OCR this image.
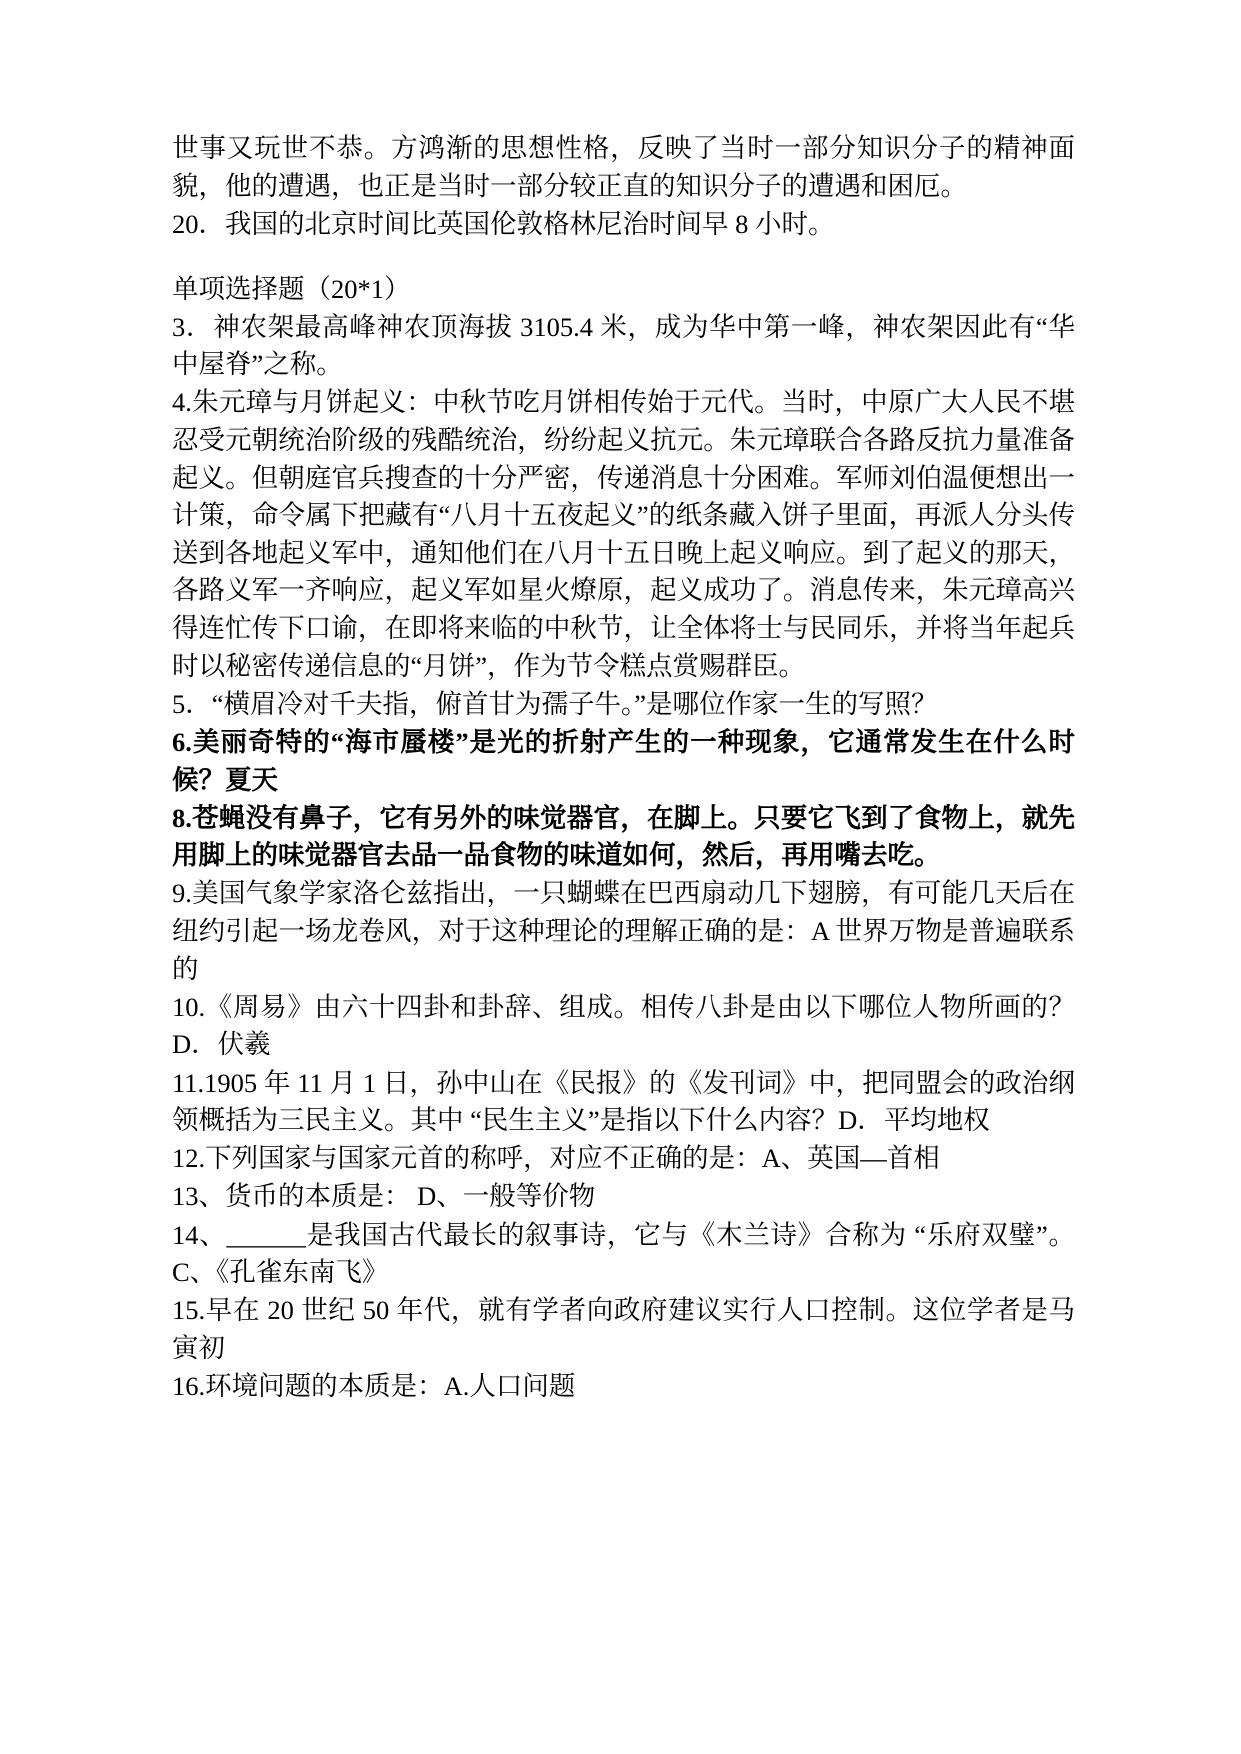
世事又玩世不恭。方鸿渐的思想性格，反映了当时一部分知识分子的精神面貌，他的遭遇，也正是当时一部分较正直的知识分子的遭遇和困厄。

20．我国的北京时间比英国伦敦格林尼治时间早 8 小时。

单项选择题（20*1）

3．神农架最高峰神农顶海拔 3105.4 米，成为华中第一峰，神农架因此有“华中屋脊”之称。

4.朱元璋与月饼起义：中秋节吃月饼相传始于元代。当时，中原广大人民不堪忍受元朝统治阶级的残酷统治，纷纷起义抗元。朱元璋联合各路反抗力量准备起义。但朝庭官兵搜查的十分严密，传递消息十分困难。军师刘伯温便想出一计策，命令属下把藏有“八月十五夜起义”的纸条藏入饼子里面，再派人分头传送到各地起义军中，通知他们在八月十五日晚上起义响应。到了起义的那天，各路义军一齐响应，起义军如星火燎原，起义成功了。消息传来，朱元璋高兴得连忙传下口谕，在即将来临的中秋节，让全体将士与民同乐，并将当年起兵时以秘密传递信息的“月饼”，作为节令糕点赏赐群臣。

5．“横眉冷对千夫指，俯首甘为孺子牛。”是哪位作家一生的写照？

6.美丽奇特的“海市蜃楼”是光的折射产生的一种现象，它通常发生在什么时候？夏天

8.苍蝇没有鼻子，它有另外的味觉器官，在脚上。只要它飞到了食物上，就先用脚上的味觉器官去品一品食物的味道如何，然后，再用嘴去吃。

9.美国气象学家洛仑兹指出，一只蝴蝶在巴西扇动几下翅膀，有可能几天后在纽约引起一场龙卷风，对于这种理论的理解正确的是：A 世界万物是普遍联系的

10.《周易》由六十四卦和卦辞、组成。相传八卦是由以下哪位人物所画的？D．伏羲

11.1905 年 11 月 1 日，孙中山在《民报》的《发刊词》中，把同盟会的政治纲领概括为三民主义。其中 “民生主义”是指以下什么内容？D．平均地权

12.下列国家与国家元首的称呼，对应不正确的是：A、英国—首相

13、货币的本质是： D、一般等价物

14、______是我国古代最长的叙事诗，它与《木兰诗》合称为 “乐府双璧”。 C、《孔雀东南飞》

15.早在 20 世纪 50 年代，就有学者向政府建议实行人口控制。这位学者是马寅初

16.环境问题的本质是：A.人口问题
